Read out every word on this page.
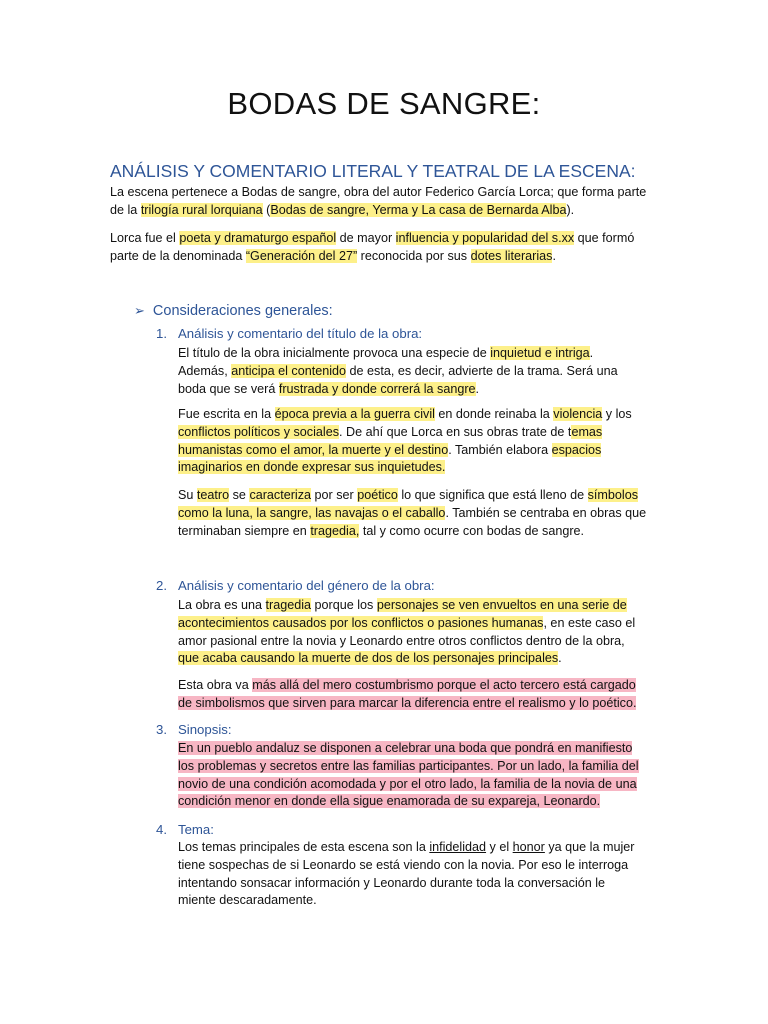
BODAS DE SANGRE:
ANÁLISIS Y COMENTARIO LITERAL Y TEATRAL DE LA ESCENA:
La escena pertenece a Bodas de sangre, obra del autor Federico García Lorca; que forma parte
de la trilogía rural lorquiana (Bodas de sangre, Yerma y La casa de Bernarda Alba).
Lorca fue el poeta y dramaturgo español de mayor influencia y popularidad del s.xx que formó
parte de la denominada “Generación del 27” reconocida por sus dotes literarias.
➢ Consideraciones generales:
1. Análisis y comentario del título de la obra:
El título de la obra inicialmente provoca una especie de inquietud e intriga.
Además, anticipa el contenido de esta, es decir, advierte de la trama. Será una
boda que se verá frustrada y donde correrá la sangre.
Fue escrita en la época previa a la guerra civil en donde reinaba la violencia y los
conflictos políticos y sociales. De ahí que Lorca en sus obras trate de temas
humanistas como el amor, la muerte y el destino. También elabora espacios
imaginarios en donde expresar sus inquietudes.
Su teatro se caracteriza por ser poético lo que significa que está lleno de símbolos
como la luna, la sangre, las navajas o el caballo. También se centraba en obras que
terminaban siempre en tragedia, tal y como ocurre con bodas de sangre.
2. Análisis y comentario del género de la obra:
La obra es una tragedia porque los personajes se ven envueltos en una serie de
acontecimientos causados por los conflictos o pasiones humanas, en este caso el
amor pasional entre la novia y Leonardo entre otros conflictos dentro de la obra,
que acaba causando la muerte de dos de los personajes principales.
Esta obra va más allá del mero costumbrismo porque el acto tercero está cargado
de simbolismos que sirven para marcar la diferencia entre el realismo y lo poético.
3. Sinopsis:
En un pueblo andaluz se disponen a celebrar una boda que pondrá en manifiesto
los problemas y secretos entre las familias participantes. Por un lado, la familia del
novio de una condición acomodada y por el otro lado, la familia de la novia de una
condición menor en donde ella sigue enamorada de su expareja, Leonardo.
4. Tema:
Los temas principales de esta escena son la infidelidad y el honor ya que la mujer
tiene sospechas de si Leonardo se está viendo con la novia. Por eso le interroga
intentando sonsacar información y Leonardo durante toda la conversación le
miente descaradamente.
